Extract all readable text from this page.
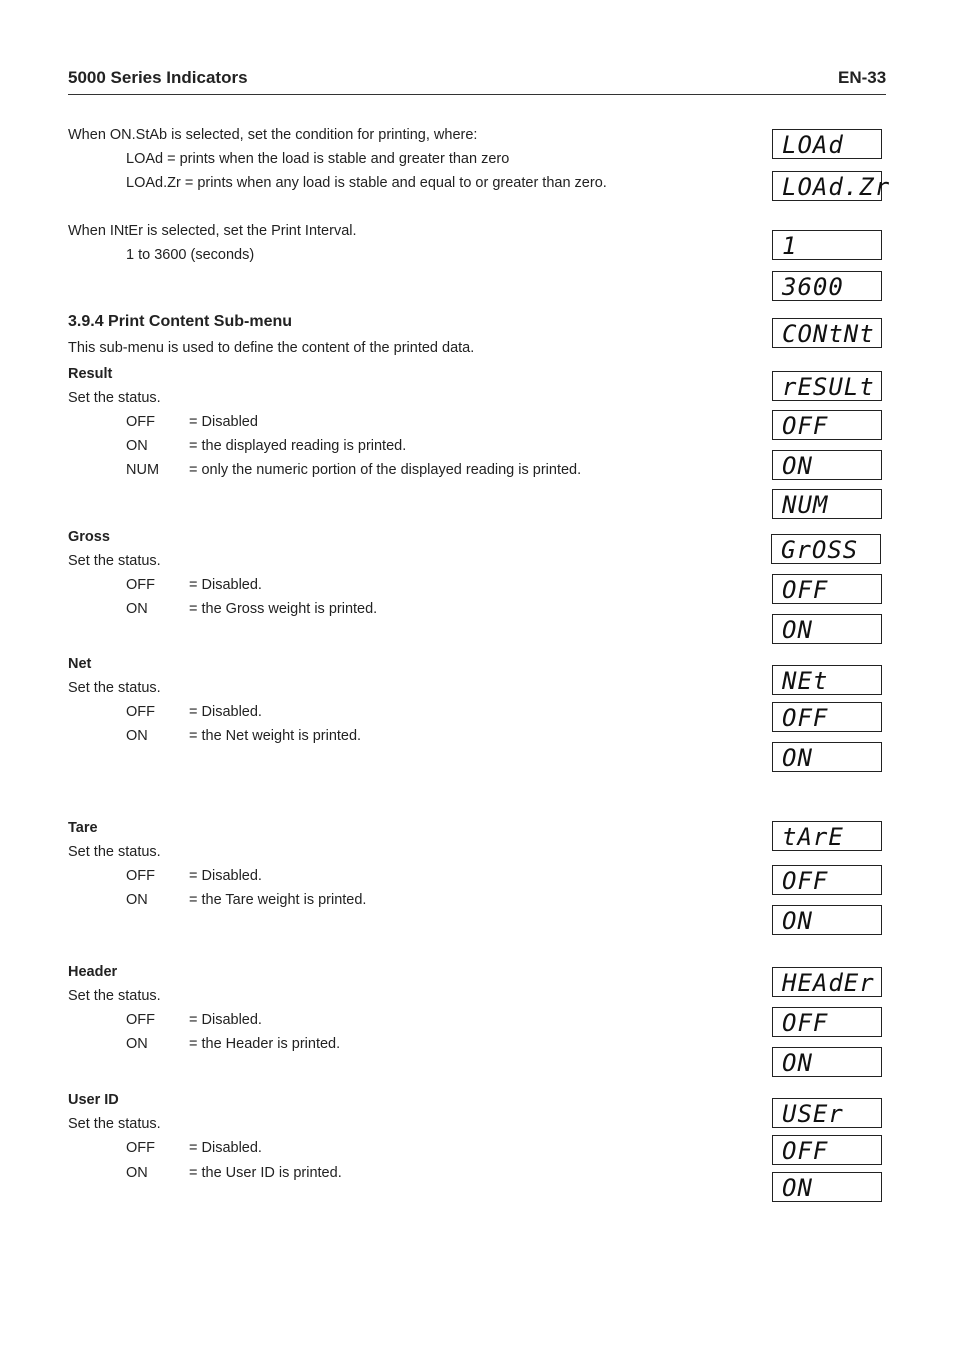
5000 Series Indicators	EN-33
When ON.StAb is selected, set the condition for printing, where:
LOAd = prints when the load is stable and greater than zero
LOAd.Zr = prints when any load is stable and equal to or greater than zero.
When INtEr is selected, set the Print Interval.
1 to 3600 (seconds)
3.9.4 Print Content Sub-menu
This sub-menu is used to define the content of the printed data.
Result
Set the status.
OFF = Disabled
ON	= the displayed reading is printed.
NUM = only the numeric portion of the displayed reading is printed.
Gross
Set the status.
OFF = Disabled.
ON	= the Gross weight is printed.
Net
Set the status.
OFF = Disabled.
ON	= the Net weight is printed.
Tare
Set the status.
OFF = Disabled.
ON	= the Tare weight is printed.
Header
Set the status.
OFF = Disabled.
ON	= the Header is printed.
User ID
Set the status.
OFF = Disabled.
ON	= the User ID is printed.
LOAd
LOAd.Zr
1
3600
CONtNt
rESULt
OFF
ON
NUM
GrOSS
OFF
ON
NEt
OFF
ON
tArE
OFF
ON
HEAdEr
OFF
ON
USEr
OFF
ON
